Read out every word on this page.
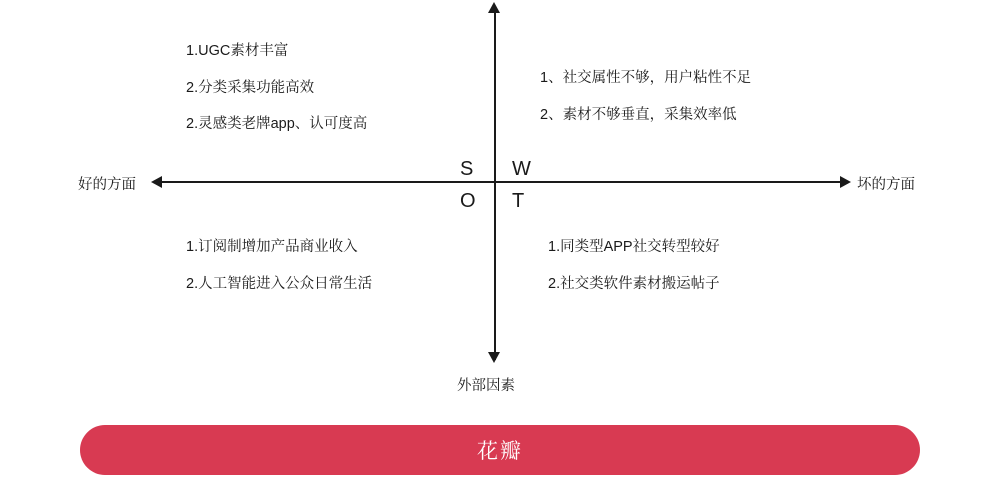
S W
O T
好的方面	坏的方面
外部因素
1.UGC素材丰富
2.分类采集功能高效
2.灵感类老牌app、认可度高
1、社交属性不够，用户粘性不足
2、素材不够垂直，采集效率低
1.订阅制增加产品商业收入
2.人工智能进入公众日常生活
1.同类型APP社交转型较好
2.社交类软件素材搬运帖子
花瓣
